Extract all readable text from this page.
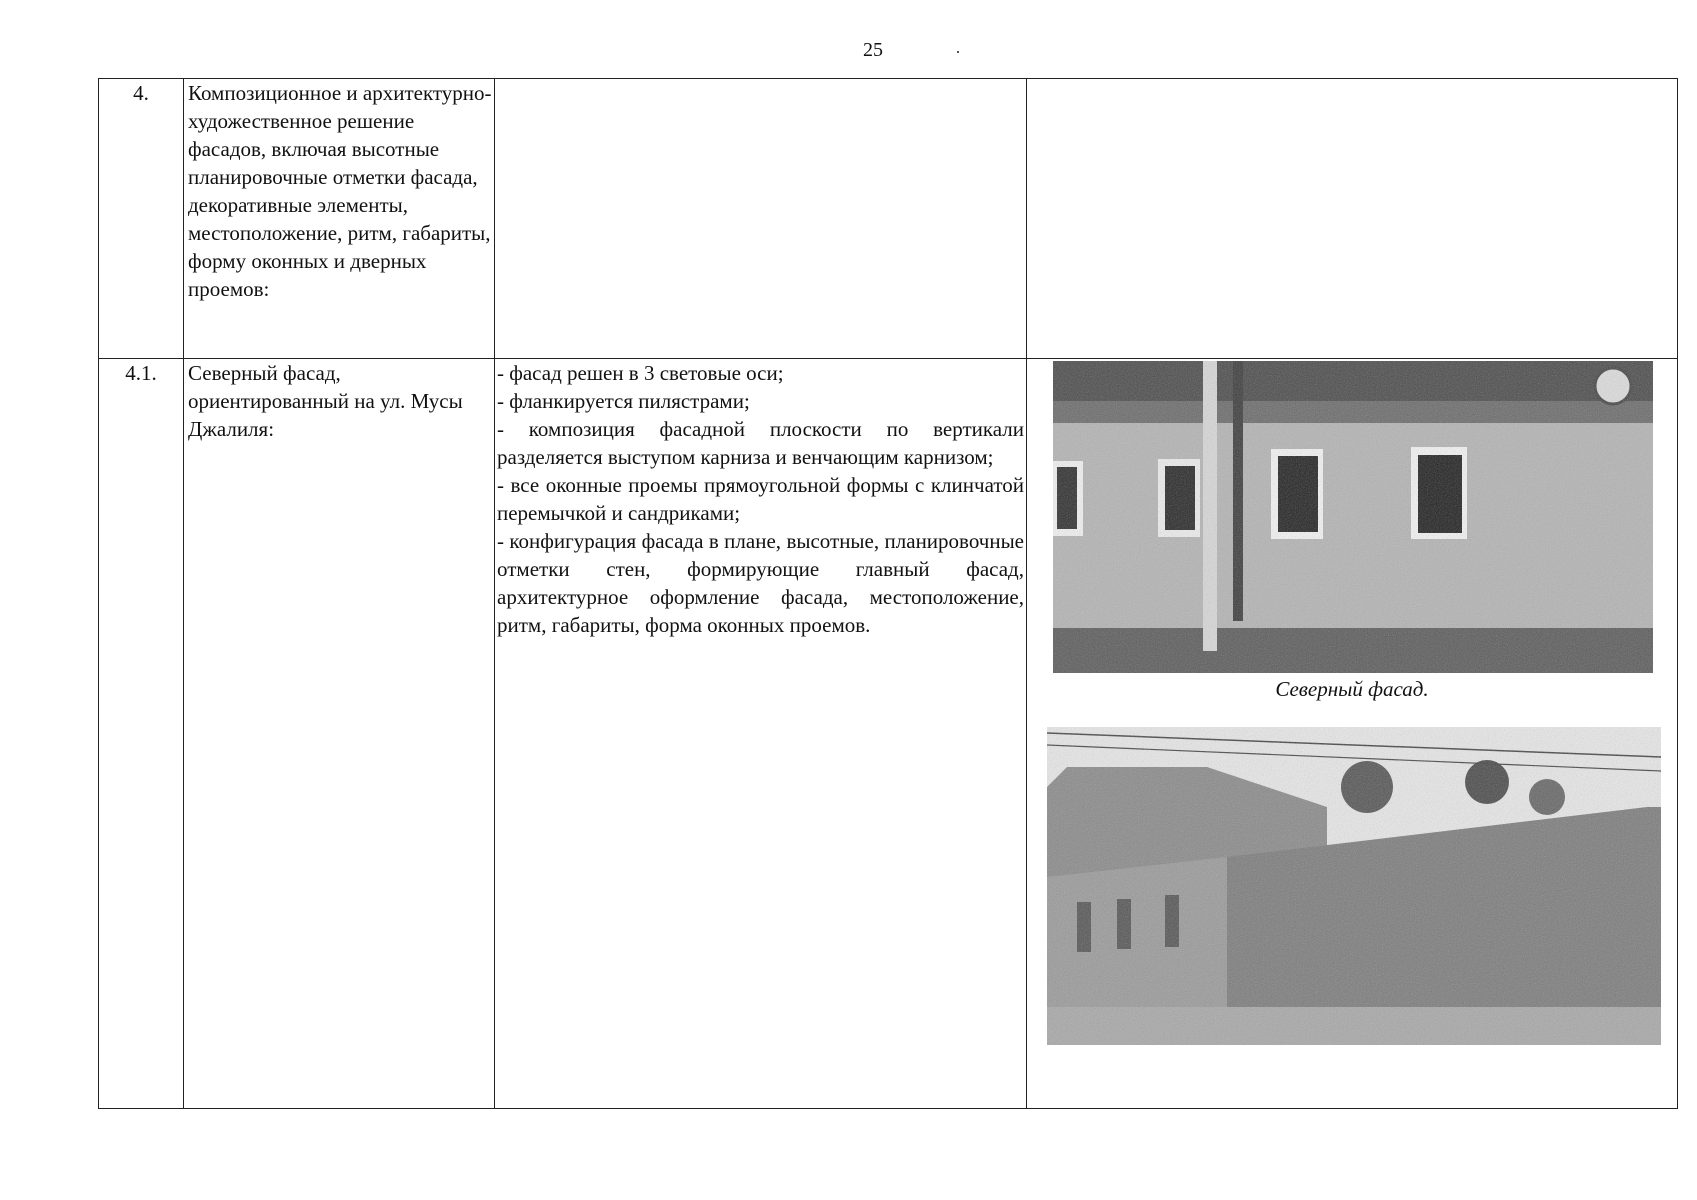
25
4.	Композиционное и архитектурно-художественное решение фасадов, включая высотные планировочные отметки фасада, декоративные элементы, местоположение, ритм, габариты, форму оконных и дверных проемов:		
4.1.	Северный фасад, ориентированный на ул. Мусы Джалиля:	- фасад решен в 3 световые оси;

- фланкируется пилястрами;

- композиция фасадной плоскости по вертикали разделяется выступом карниза и венчающим карнизом;

- все оконные проемы прямоугольной формы с клинчатой перемычкой и сандриками;

- конфигурация фасада в плане, высотные, планировочные отметки стен, формирующие главный фасад, архитектурное оформление фасада, местоположение, ритм, габариты, форма оконных проемов.	Северный фасад.
